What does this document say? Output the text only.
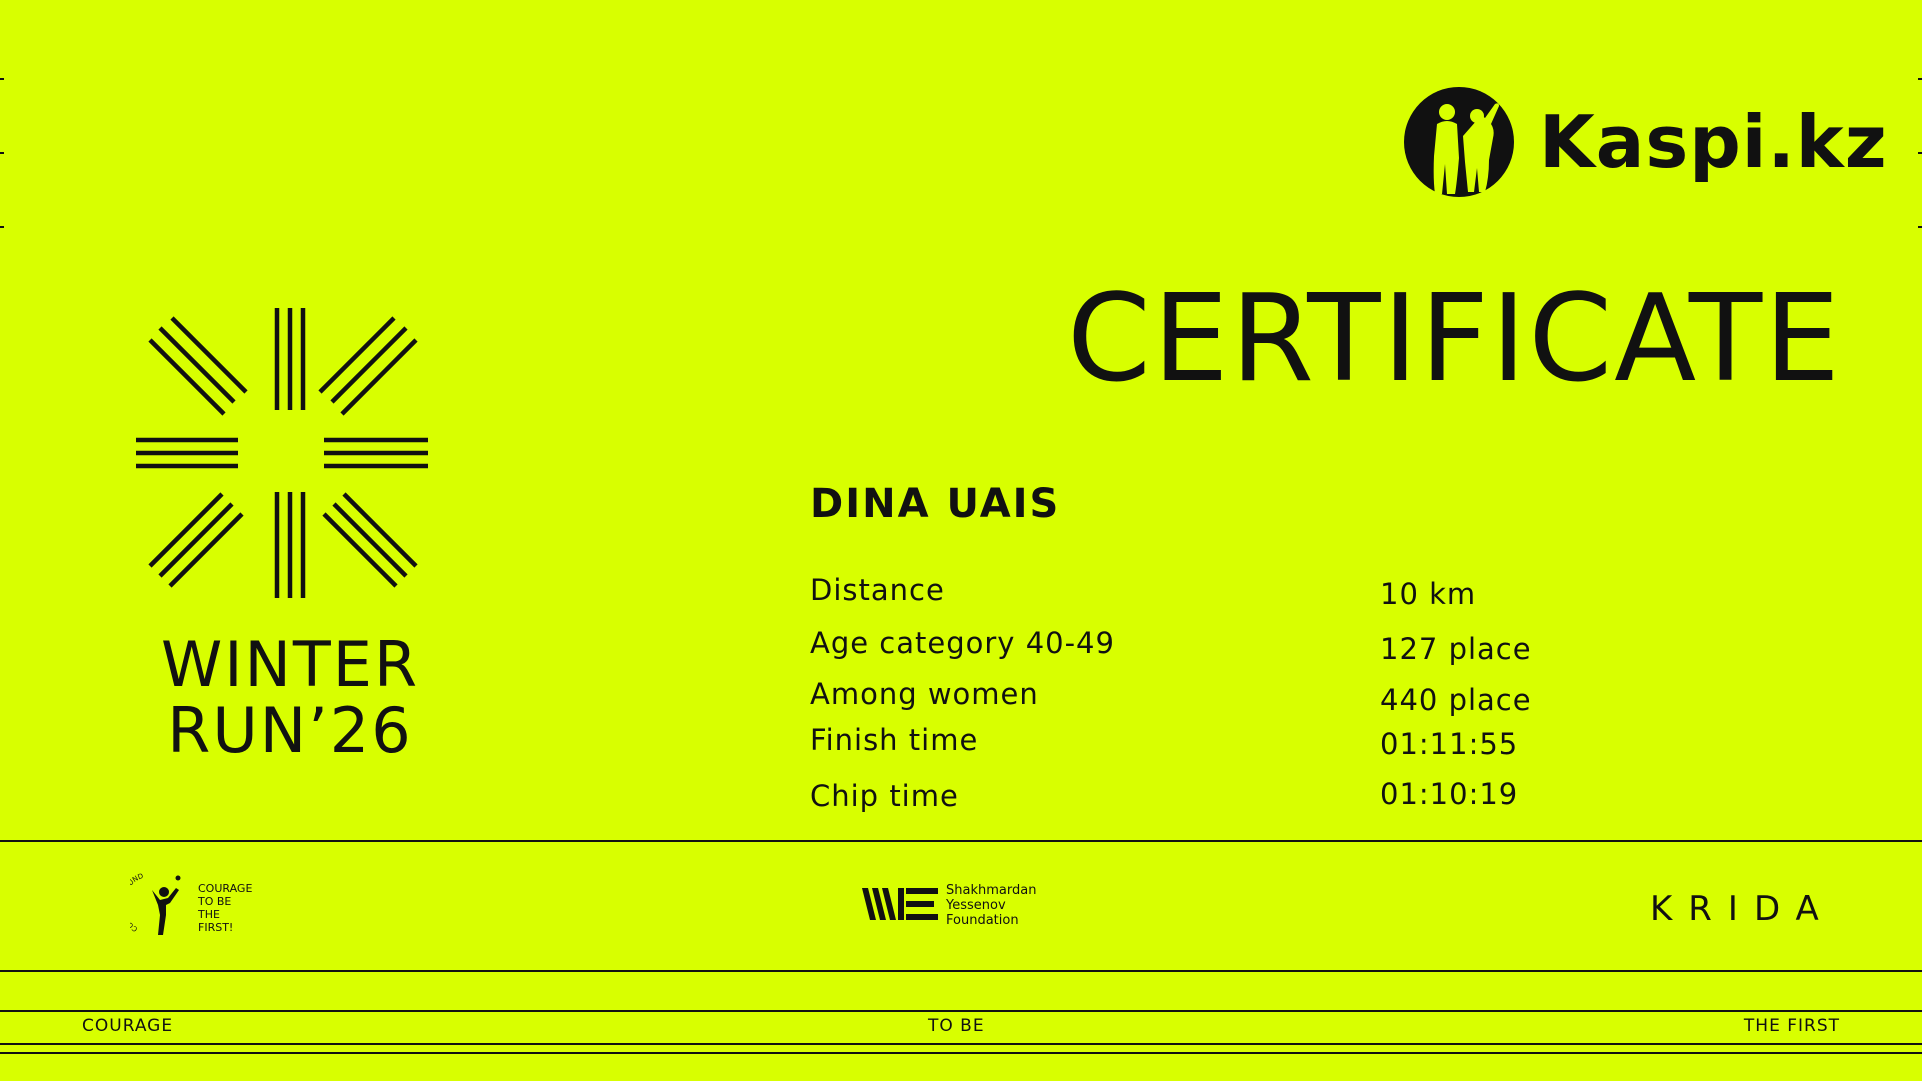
Kaspi.kz
CERTIFICATE
DINA UAIS
Distance	10 km
Age category 40-49	127 place
Among women	440 place
Finish time	01:11:55
Chip time	01:10:19
WINTER
RUN’26
C ND
COURAGE
TO BE
THE FIRST!
Shakhmardan
Yessenov
Foundation	KRIDA
COURAGE	TO BE	THE FIRST
